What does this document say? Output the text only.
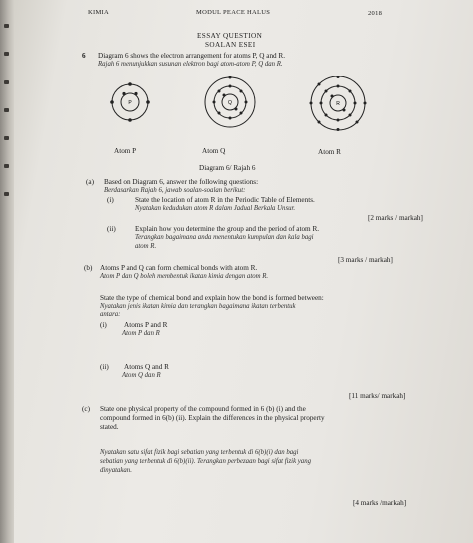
KIMIA	MODUL PEACE HALUS	2018
ESSAY QUESTION
SOALAN ESEI
6 Diagram 6 shows the electron arrangement for atoms P, Q and R.
Rajah 6 menunjukkan susunan elektron bagi atom-atom P, Q dan R.
P	Q	R
Atom P	Atom Q	Atom R
Diagram 6/ Rajah 6
(a) Based on Diagram 6, answer the following questions:
Berdasarkan Rajah 6, jawab soalan-soalan berikut:
(i)	State the location of atom R in the Periodic Table of Elements.
Nyatakan kedudukan atom R dalam Jadual Berkala Unsur.
[2 marks / markah]
(ii)	Explain how you determine the group and the period of atom R.
Terangkan bagaimana anda menentukan kumpulan dan kala bagi
atom R.
[3 marks / markah]
(b) Atoms P and Q can form chemical bonds with atom R.
Atom P dan Q boleh membentuk ikatan kimia dengan atom R.
State the type of chemical bond and explain how the bond is formed between:
Nyatakan jenis ikatan kimia dan terangkan bagaimana ikatan terbentuk
antara:
(i) Atoms P and R
Atom P dan R
(ii) Atoms Q and R
Atom Q dan R
[11 marks/ markah]
(c) State one physical property of the compound formed in 6 (b) (i) and the
compound formed in 6(b) (ii). Explain the differences in the physical property
stated.
Nyatakan satu sifat fizik bagi sebatian yang terbentuk di 6(b)(i) dan bagi
sebatian yang terbentuk di 6(b)(ii). Terangkan perbezaan bagi sifat fizik yang
dinyatakan.
[4 marks /markah]
